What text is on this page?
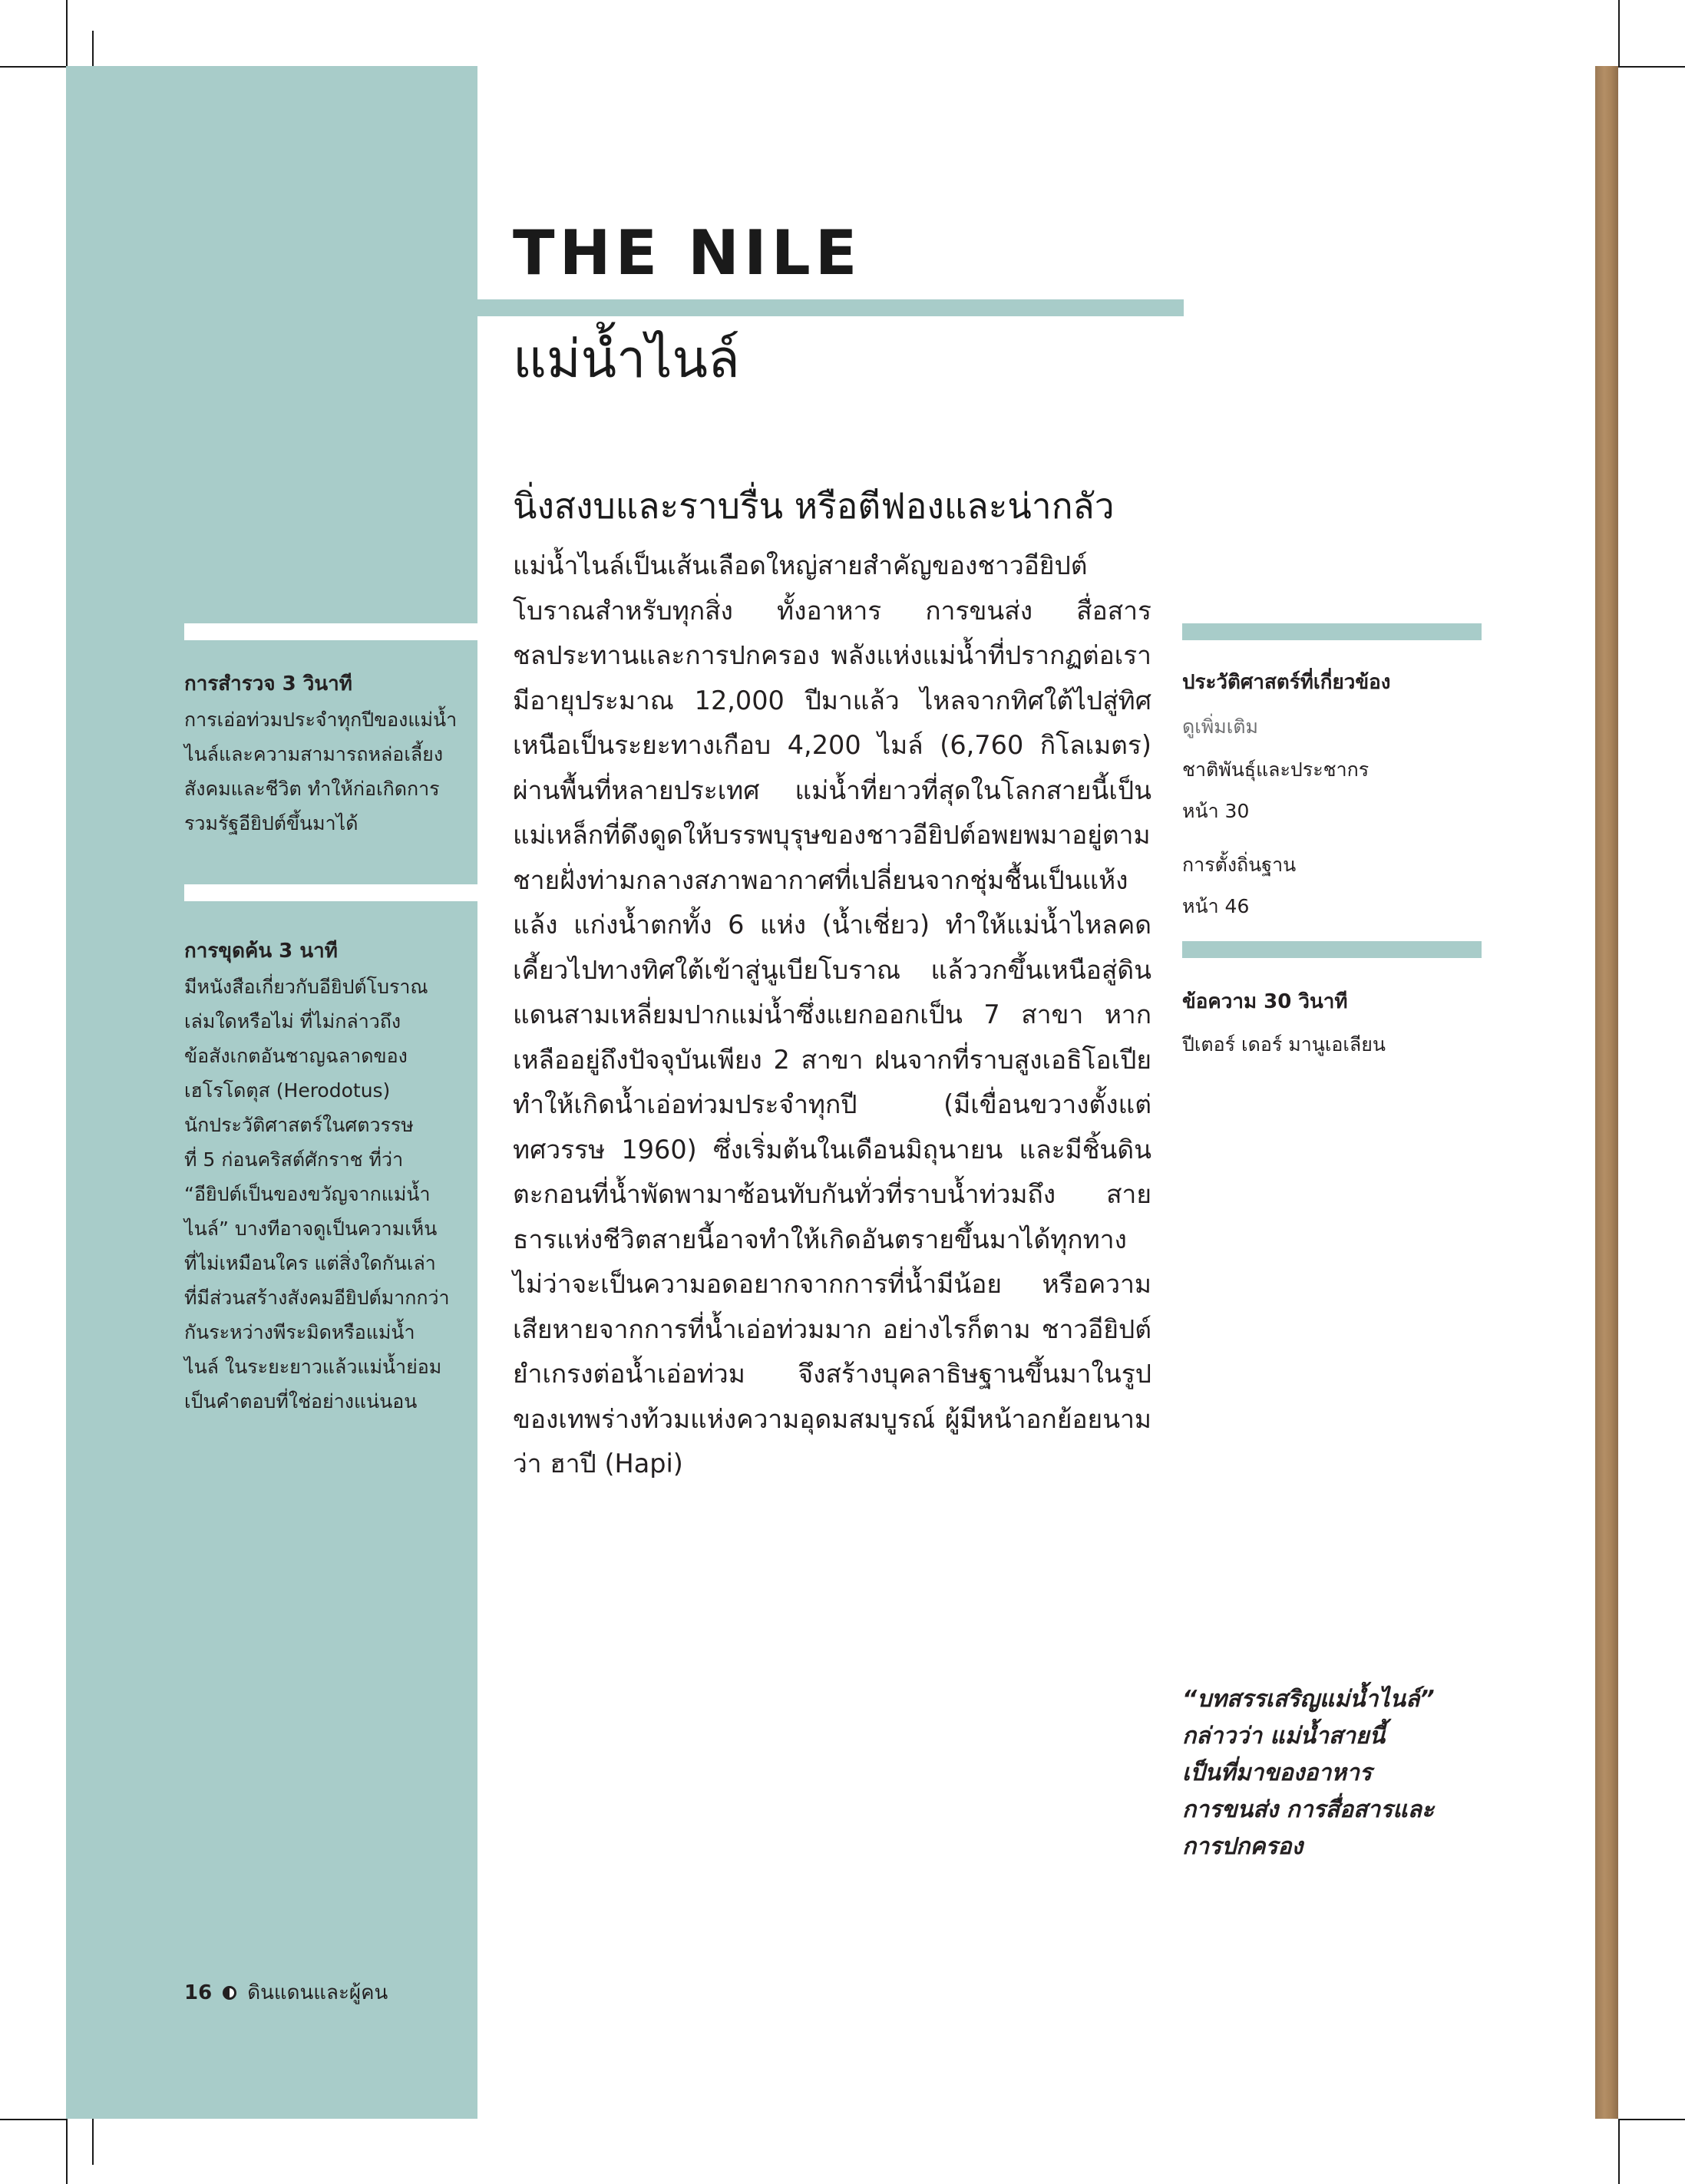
THE NILE
แม่น้ำไนล์
นิ่งสงบและราบรื่น หรือตีฟองและน่ากลัว
แม่น้ำไนล์เป็นเส้นเลือดใหญ่สายสำคัญของชาวอียิปต์โบราณสำหรับทุกสิ่ง ทั้งอาหาร การขนส่ง สื่อสาร ชลประทานและการปกครอง พลังแห่งแม่น้ำที่ปรากฏต่อเรามีอายุประมาณ 12,000 ปีมาแล้ว ไหลจากทิศใต้ไปสู่ทิศเหนือเป็นระยะทางเกือบ 4,200 ไมล์ (6,760 กิโลเมตร) ผ่านพื้นที่หลายประเทศ แม่น้ำที่ยาวที่สุดในโลกสายนี้เป็นแม่เหล็กที่ดึงดูดให้บรรพบุรุษของชาวอียิปต์อพยพมาอยู่ตามชายฝั่งท่ามกลางสภาพอากาศที่เปลี่ยนจากชุ่มชื้นเป็นแห้งแล้ง แก่งน้ำตกทั้ง 6 แห่ง (น้ำเชี่ยว) ทำให้แม่น้ำไหลคดเคี้ยวไปทางทิศใต้เข้าสู่นูเบียโบราณ แล้ววกขึ้นเหนือสู่ดินแดนสามเหลี่ยมปากแม่น้ำซึ่งแยกออกเป็น 7 สาขา หากเหลืออยู่ถึงปัจจุบันเพียง 2 สาขา ฝนจากที่ราบสูงเอธิโอเปียทำให้เกิดน้ำเอ่อท่วมประจำทุกปี (มีเขื่อนขวางตั้งแต่ทศวรรษ 1960) ซึ่งเริ่มต้นในเดือนมิถุนายน และมีชิ้นดินตะกอนที่น้ำพัดพามาซ้อนทับกันทั่วที่ราบน้ำท่วมถึง สายธารแห่งชีวิตสายนี้อาจทำให้เกิดอันตรายขึ้นมาได้ทุกทาง ไม่ว่าจะเป็นความอดอยากจากการที่น้ำมีน้อย หรือความเสียหายจากการที่น้ำเอ่อท่วมมาก อย่างไรก็ตาม ชาวอียิปต์ยำเกรงต่อน้ำเอ่อท่วม จึงสร้างบุคลาธิษฐานขึ้นมาในรูปของเทพร่างท้วมแห่งความอุดมสมบูรณ์ ผู้มีหน้าอกย้อยนามว่า ฮาปี (Hapi)
การสำรวจ 3 วินาที
การเอ่อท่วมประจำทุกปีของแม่น้ำ
ไนล์และความสามารถหล่อเลี้ยง
สังคมและชีวิต ทำให้ก่อเกิดการ
รวมรัฐอียิปต์ขึ้นมาได้
การขุดค้น 3 นาที
มีหนังสือเกี่ยวกับอียิปต์โบราณ
เล่มใดหรือไม่ ที่ไม่กล่าวถึง
ข้อสังเกตอันชาญฉลาดของ
เฮโรโดตุส (Herodotus)
นักประวัติศาสตร์ในศตวรรษ
ที่ 5 ก่อนคริสต์ศักราช ที่ว่า
“อียิปต์เป็นของขวัญจากแม่น้ำ
ไนล์” บางทีอาจดูเป็นความเห็น
ที่ไม่เหมือนใคร แต่สิ่งใดกันเล่า
ที่มีส่วนสร้างสังคมอียิปต์มากกว่า
กันระหว่างพีระมิดหรือแม่น้ำ
ไนล์ ในระยะยาวแล้วแม่น้ำย่อม
เป็นคำตอบที่ใช่อย่างแน่นอน
ประวัติศาสตร์ที่เกี่ยวข้อง
ดูเพิ่มเติม
ชาติพันธุ์และประชากร
หน้า 30
การตั้งถิ่นฐาน
หน้า 46
ข้อความ 30 วินาที
ปีเตอร์ เดอร์ มานูเอเลียน
“บทสรรเสริญแม่น้ำไนล์”
กล่าวว่า แม่น้ำสายนี้
เป็นที่มาของอาหาร
การขนส่ง การสื่อสารและ
การปกครอง
16 ดินแดนและผู้คน
